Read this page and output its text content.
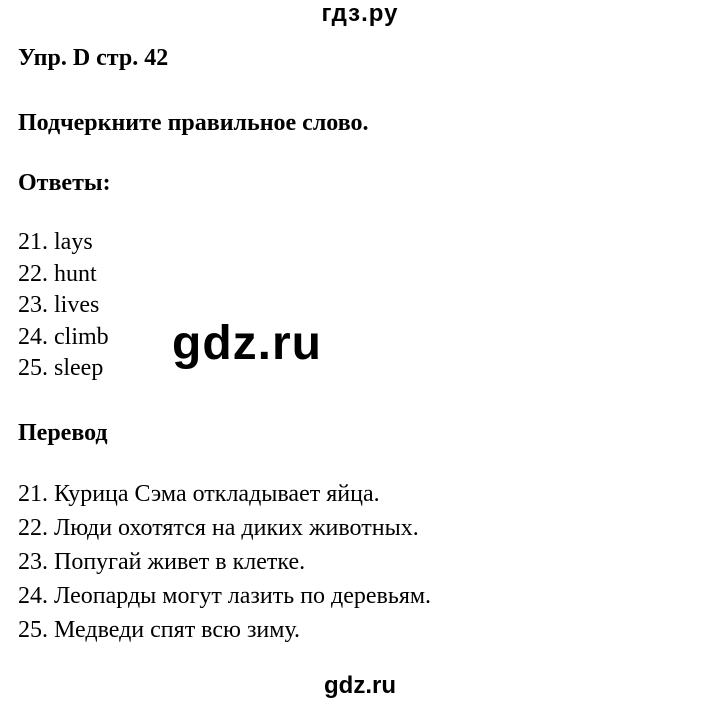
гдз.ру
Упр. D стр. 42
Подчеркните правильное слово.
Ответы:
21. lays
22. hunt
23. lives
24. climb
25. sleep gdz.ru
Перевод
21. Курица Сэма откладывает яйца.
22. Люди охотятся на диких животных.
23. Попугай живет в клетке.
24. Леопарды могут лазить по деревьям.
25. Медведи спят всю зиму.
gdz.ru
